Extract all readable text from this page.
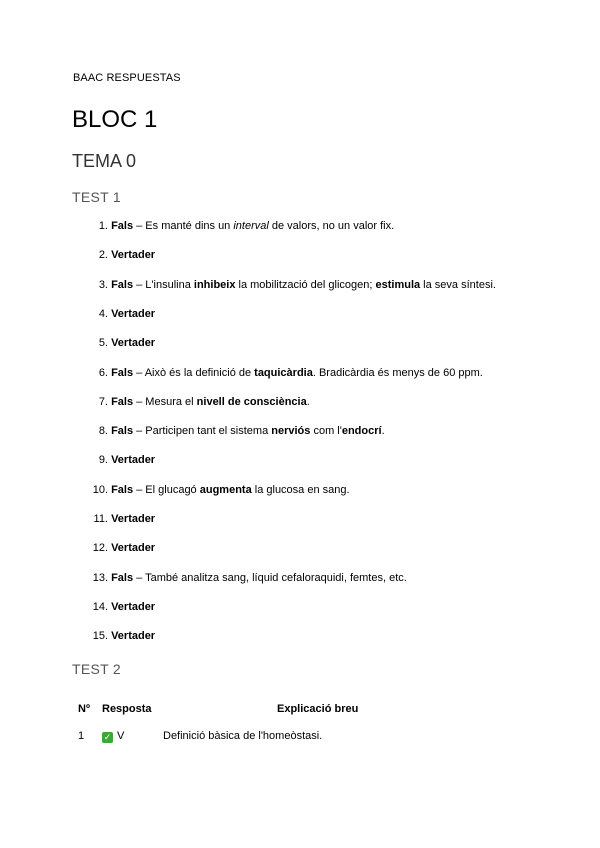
BAAC RESPUESTAS
BLOC 1
TEMA 0
TEST 1
1. Fals – Es manté dins un interval de valors, no un valor fix.
2. Vertader
3. Fals – L'insulina inhibeix la mobilització del glicogen; estimula la seva síntesi.
4. Vertader
5. Vertader
6. Fals – Això és la definició de taquicàrdia. Bradicàrdia és menys de 60 ppm.
7. Fals – Mesura el nivell de consciència.
8. Fals – Participen tant el sistema nerviós com l'endocrí.
9. Vertader
10. Fals – El glucagó augmenta la glucosa en sang.
11. Vertader
12. Vertader
13. Fals – També analitza sang, líquid cefaloraquidi, femtes, etc.
14. Vertader
15. Vertader
TEST 2
Nº Resposta	Explicació breu
1 ✓ V	Definició bàsica de l'homeòstasi.
